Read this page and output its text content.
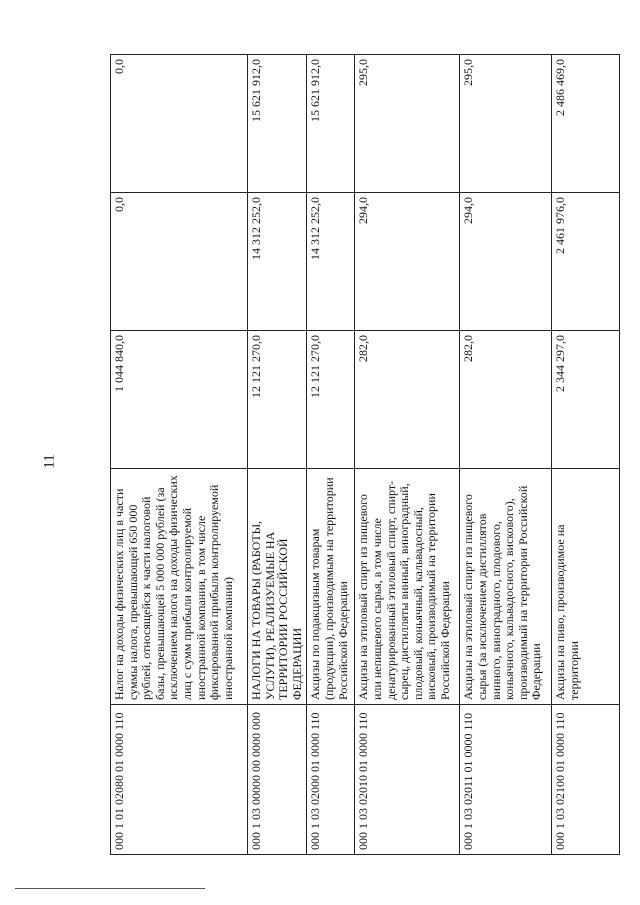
11
000 1 01 02080 01 0000 110	Налог на доходы физических лиц в части суммы налога, превышающей 650 000 рублей, относящейся к части налоговой базы, превышающей 5 000 000 рублей (за исключением налога на доходы физических лиц с сумм прибыли контролируемой иностранной компании, в том числе фиксированной прибыли контролируемой иностранной компании)	1 044 840,0	0,0	0,0
000 1 03 00000 00 0000 000	НАЛОГИ НА ТОВАРЫ (РАБОТЫ, УСЛУГИ), РЕАЛИЗУЕМЫЕ НА ТЕРРИТОРИИ РОССИЙСКОЙ ФЕДЕРАЦИИ	12 121 270,0	14 312 252,0	15 621 912,0
000 1 03 02000 01 0000 110	Акцизы по подакцизным товарам (продукции), производимым на территории Российской Федерации	12 121 270,0	14 312 252,0	15 621 912,0
000 1 03 02010 01 0000 110	Акцизы на этиловый спирт из пищевого или непищевого сырья, в том числе денатурированный этиловый спирт, спирт-сырец, дистилляты винный, виноградный, плодовый, коньячный, кальвадосный, висковый, производимый на территории Российской Федерации	282,0	294,0	295,0
000 1 03 02011 01 0000 110	Акцизы на этиловый спирт из пищевого сырья (за исключением дистиллятов винного, виноградного, плодового, коньячного, кальвадосного, вискового), производимый на территории Российской Федерации	282,0	294,0	295,0
000 1 03 02100 01 0000 110	Акцизы на пиво, производимое на территории	2 344 297,0	2 461 976,0	2 486 469,0
